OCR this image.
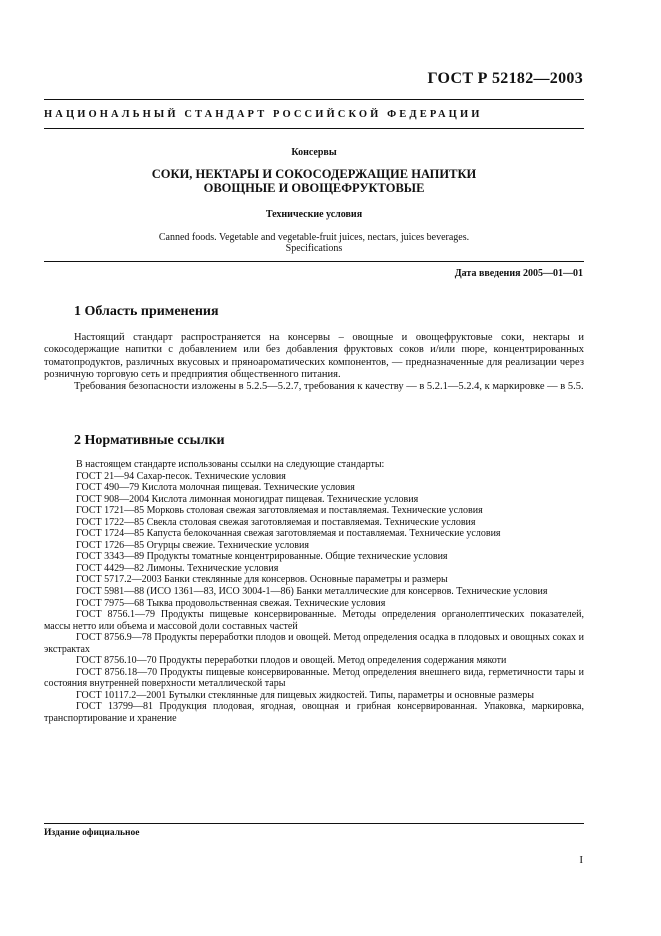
ГОСТ Р 52182—2003
НАЦИОНАЛЬНЫЙ СТАНДАРТ РОССИЙСКОЙ ФЕДЕРАЦИИ
Консервы
СОКИ, НЕКТАРЫ И СОКОСОДЕРЖАЩИЕ НАПИТКИ
ОВОЩНЫЕ И ОВОЩЕФРУКТОВЫЕ
Технические условия
Canned foods. Vegetable and vegetable-fruit juices, nectars, juices beverages.
Specifications
Дата введения 2005—01—01
1 Область применения

Настоящий стандарт распространяется на консервы – овощные и овощефруктовые соки, нектары и сокосодержащие напитки с добавлением или без добавления фруктовых соков и/или пюре, концентрированных томатопродуктов, различных вкусовых и пряноароматических компонентов, — предназначенные для реализации через розничную торговую сеть и предприятия общественного питания.

Требования безопасности изложены в 5.2.5—5.2.7, требования к качеству — в 5.2.1—5.2.4, к маркировке — в 5.5.

2 Нормативные ссылки

В настоящем стандарте использованы ссылки на следующие стандарты:

ГОСТ 21—94 Сахар-песок. Технические условия

ГОСТ 490—79 Кислота молочная пищевая. Технические условия

ГОСТ 908—2004 Кислота лимонная моногидрат пищевая. Технические условия

ГОСТ 1721—85 Морковь столовая свежая заготовляемая и поставляемая. Технические условия

ГОСТ 1722—85 Свекла столовая свежая заготовляемая и поставляемая. Технические условия

ГОСТ 1724—85 Капуста белокочанная свежая заготовляемая и поставляемая. Технические условия

ГОСТ 1726—85 Огурцы свежие. Технические условия

ГОСТ 3343—89 Продукты томатные концентрированные. Общие технические условия

ГОСТ 4429—82 Лимоны. Технические условия

ГОСТ 5717.2—2003 Банки стеклянные для консервов. Основные параметры и размеры

ГОСТ 5981—88 (ИСО 1361—83, ИСО 3004-1—86) Банки металлические для консервов. Технические условия

ГОСТ 7975—68 Тыква продовольственная свежая. Технические условия

ГОСТ 8756.1—79 Продукты пищевые консервированные. Методы определения органолептических показателей, массы нетто или объема и массовой доли составных частей

ГОСТ 8756.9—78 Продукты переработки плодов и овощей. Метод определения осадка в плодовых и овощных соках и экстрактах

ГОСТ 8756.10—70 Продукты переработки плодов и овощей. Метод определения содержания мякоти

ГОСТ 8756.18—70 Продукты пищевые консервированные. Метод определения внешнего вида, герметичности тары и состояния внутренней поверхности металлической тары

ГОСТ 10117.2—2001 Бутылки стеклянные для пищевых жидкостей. Типы, параметры и основные размеры

ГОСТ 13799—81 Продукция плодовая, ягодная, овощная и грибная консервированная. Упаковка, маркировка, транспортирование и хранение

Издание официальное
I
